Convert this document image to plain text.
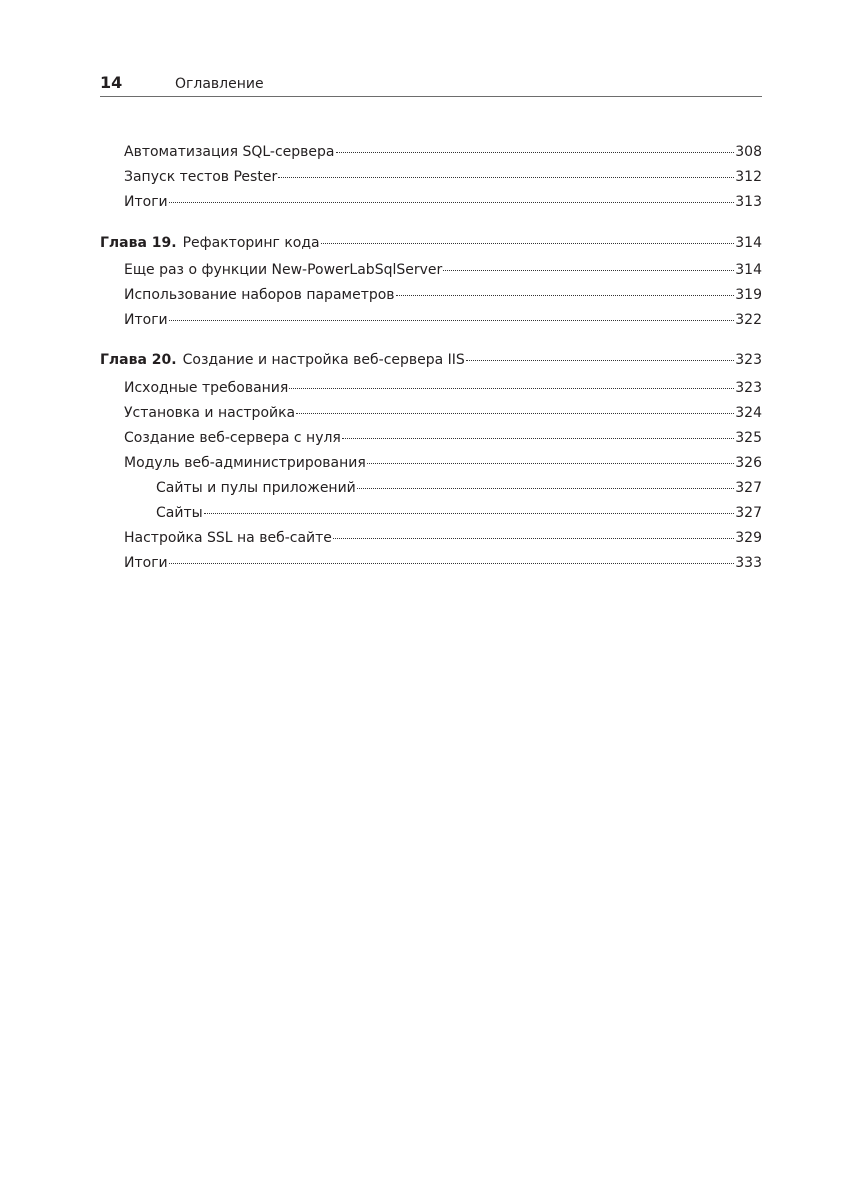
14	Оглавление
Автоматизация SQL-сервера	308
Запуск тестов Pester	312
Итоги	313
Глава 19. Рефакторинг кода	314
Еще раз о функции New-PowerLabSqlServer	314
Использование наборов параметров	319
Итоги	322
Глава 20. Создание и настройка веб-сервера IIS	323
Исходные требования	323
Установка и настройка	324
Создание веб-сервера с нуля	325
Модуль веб-администрирования	326
Сайты и пулы приложений	327
Сайты	327
Настройка SSL на веб-сайте	329
Итоги	333
